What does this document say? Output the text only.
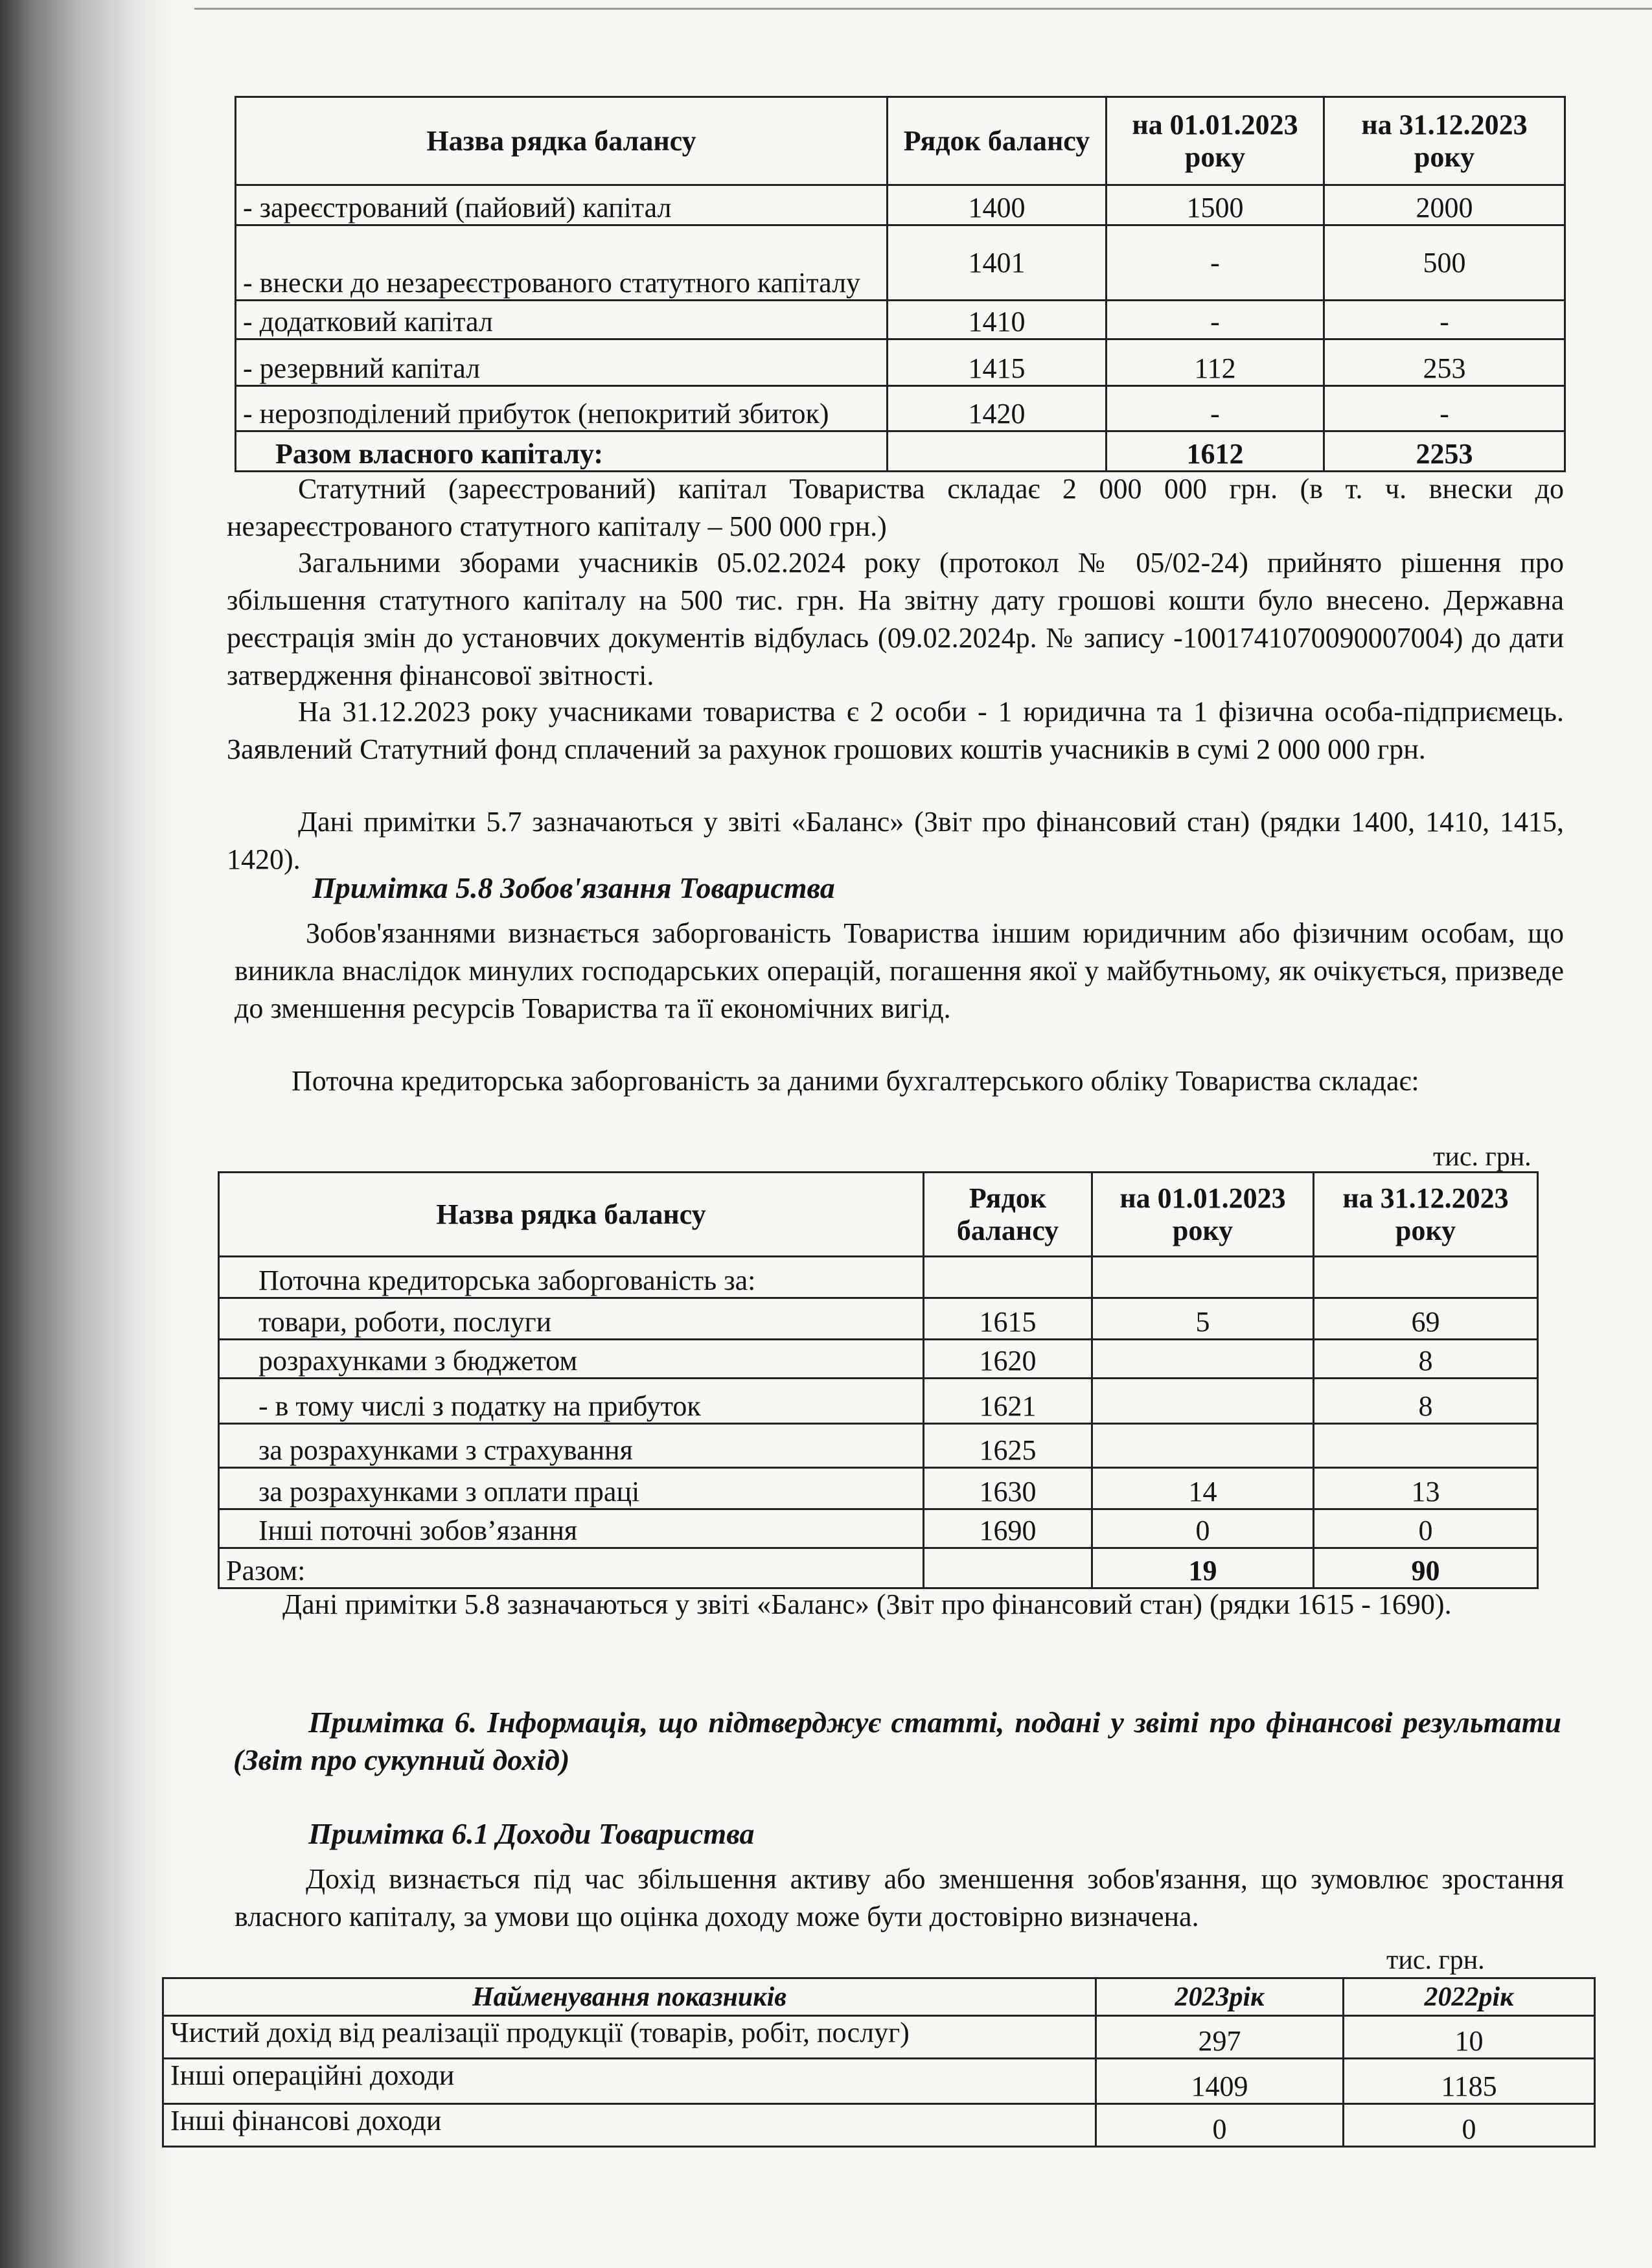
Назва рядка балансу	Рядок балансу	на 01.01.2023 року	на 31.12.2023 року
- зареєстрований (пайовий) капітал	1400	1500	2000
- внески до незареєстрованого статутного капіталу	1401	-	500
- додатковий капітал	1410	-	-
- резервний капітал	1415	112	253
- нерозподілений прибуток (непокритий збиток)	1420	-	-
Разом власного капіталу:		1612	2253
Статутний (зареєстрований) капітал Товариства складає 2 000 000 грн. (в т. ч. внески до незареєстрованого статутного капіталу – 500 000 грн.)
Загальними зборами учасників 05.02.2024 року (протокол № 05/02-24) прийнято рішення про збільшення статутного капіталу на 500 тис. грн. На звітну дату грошові кошти було внесено. Державна реєстрація змін до установчих документів відбулась (09.02.2024р. № запису -1001741070090007004) до дати затвердження фінансової звітності.
На 31.12.2023 року учасниками товариства є 2 особи - 1 юридична та 1 фізична особа-підприємець. Заявлений Статутний фонд сплачений за рахунок грошових коштів учасників в сумі 2 000 000 грн.
Дані примітки 5.7 зазначаються у звіті «Баланс» (Звіт про фінансовий стан) (рядки 1400, 1410, 1415, 1420).
Примітка 5.8 Зобов'язання Товариства
Зобов'язаннями визнається заборгованість Товариства іншим юридичним або фізичним особам, що виникла внаслідок минулих господарських операцій, погашення якої у майбутньому, як очікується, призведе до зменшення ресурсів Товариства та її економічних вигід.
Поточна кредиторська заборгованість за даними бухгалтерського обліку Товариства складає:
тис. грн.
Назва рядка балансу	Рядок балансу	на 01.01.2023 року	на 31.12.2023 року
Поточна кредиторська заборгованість за:			
товари, роботи, послуги	1615	5	69
розрахунками з бюджетом	1620		8
- в тому числі з податку на прибуток	1621		8
за розрахунками з страхування	1625		
за розрахунками з оплати праці	1630	14	13
Інші поточні зобов’язання	1690	0	0
Разом:		19	90
Дані примітки 5.8 зазначаються у звіті «Баланс» (Звіт про фінансовий стан) (рядки 1615 - 1690).
Примітка 6. Інформація, що підтверджує статті, подані у звіті про фінансові результати (Звіт про сукупний дохід)
Примітка 6.1 Доходи Товариства
Дохід визнається під час збільшення активу або зменшення зобов'язання, що зумовлює зростання власного капіталу, за умови що оцінка доходу може бути достовірно визначена.
тис. грн.
Найменування показників	2023рік	2022рік
Чистий дохід від реалізації продукції (товарів, робіт, послуг)	297	10
Інші операційні доходи	1409	1185
Інші фінансові доходи	0	0
